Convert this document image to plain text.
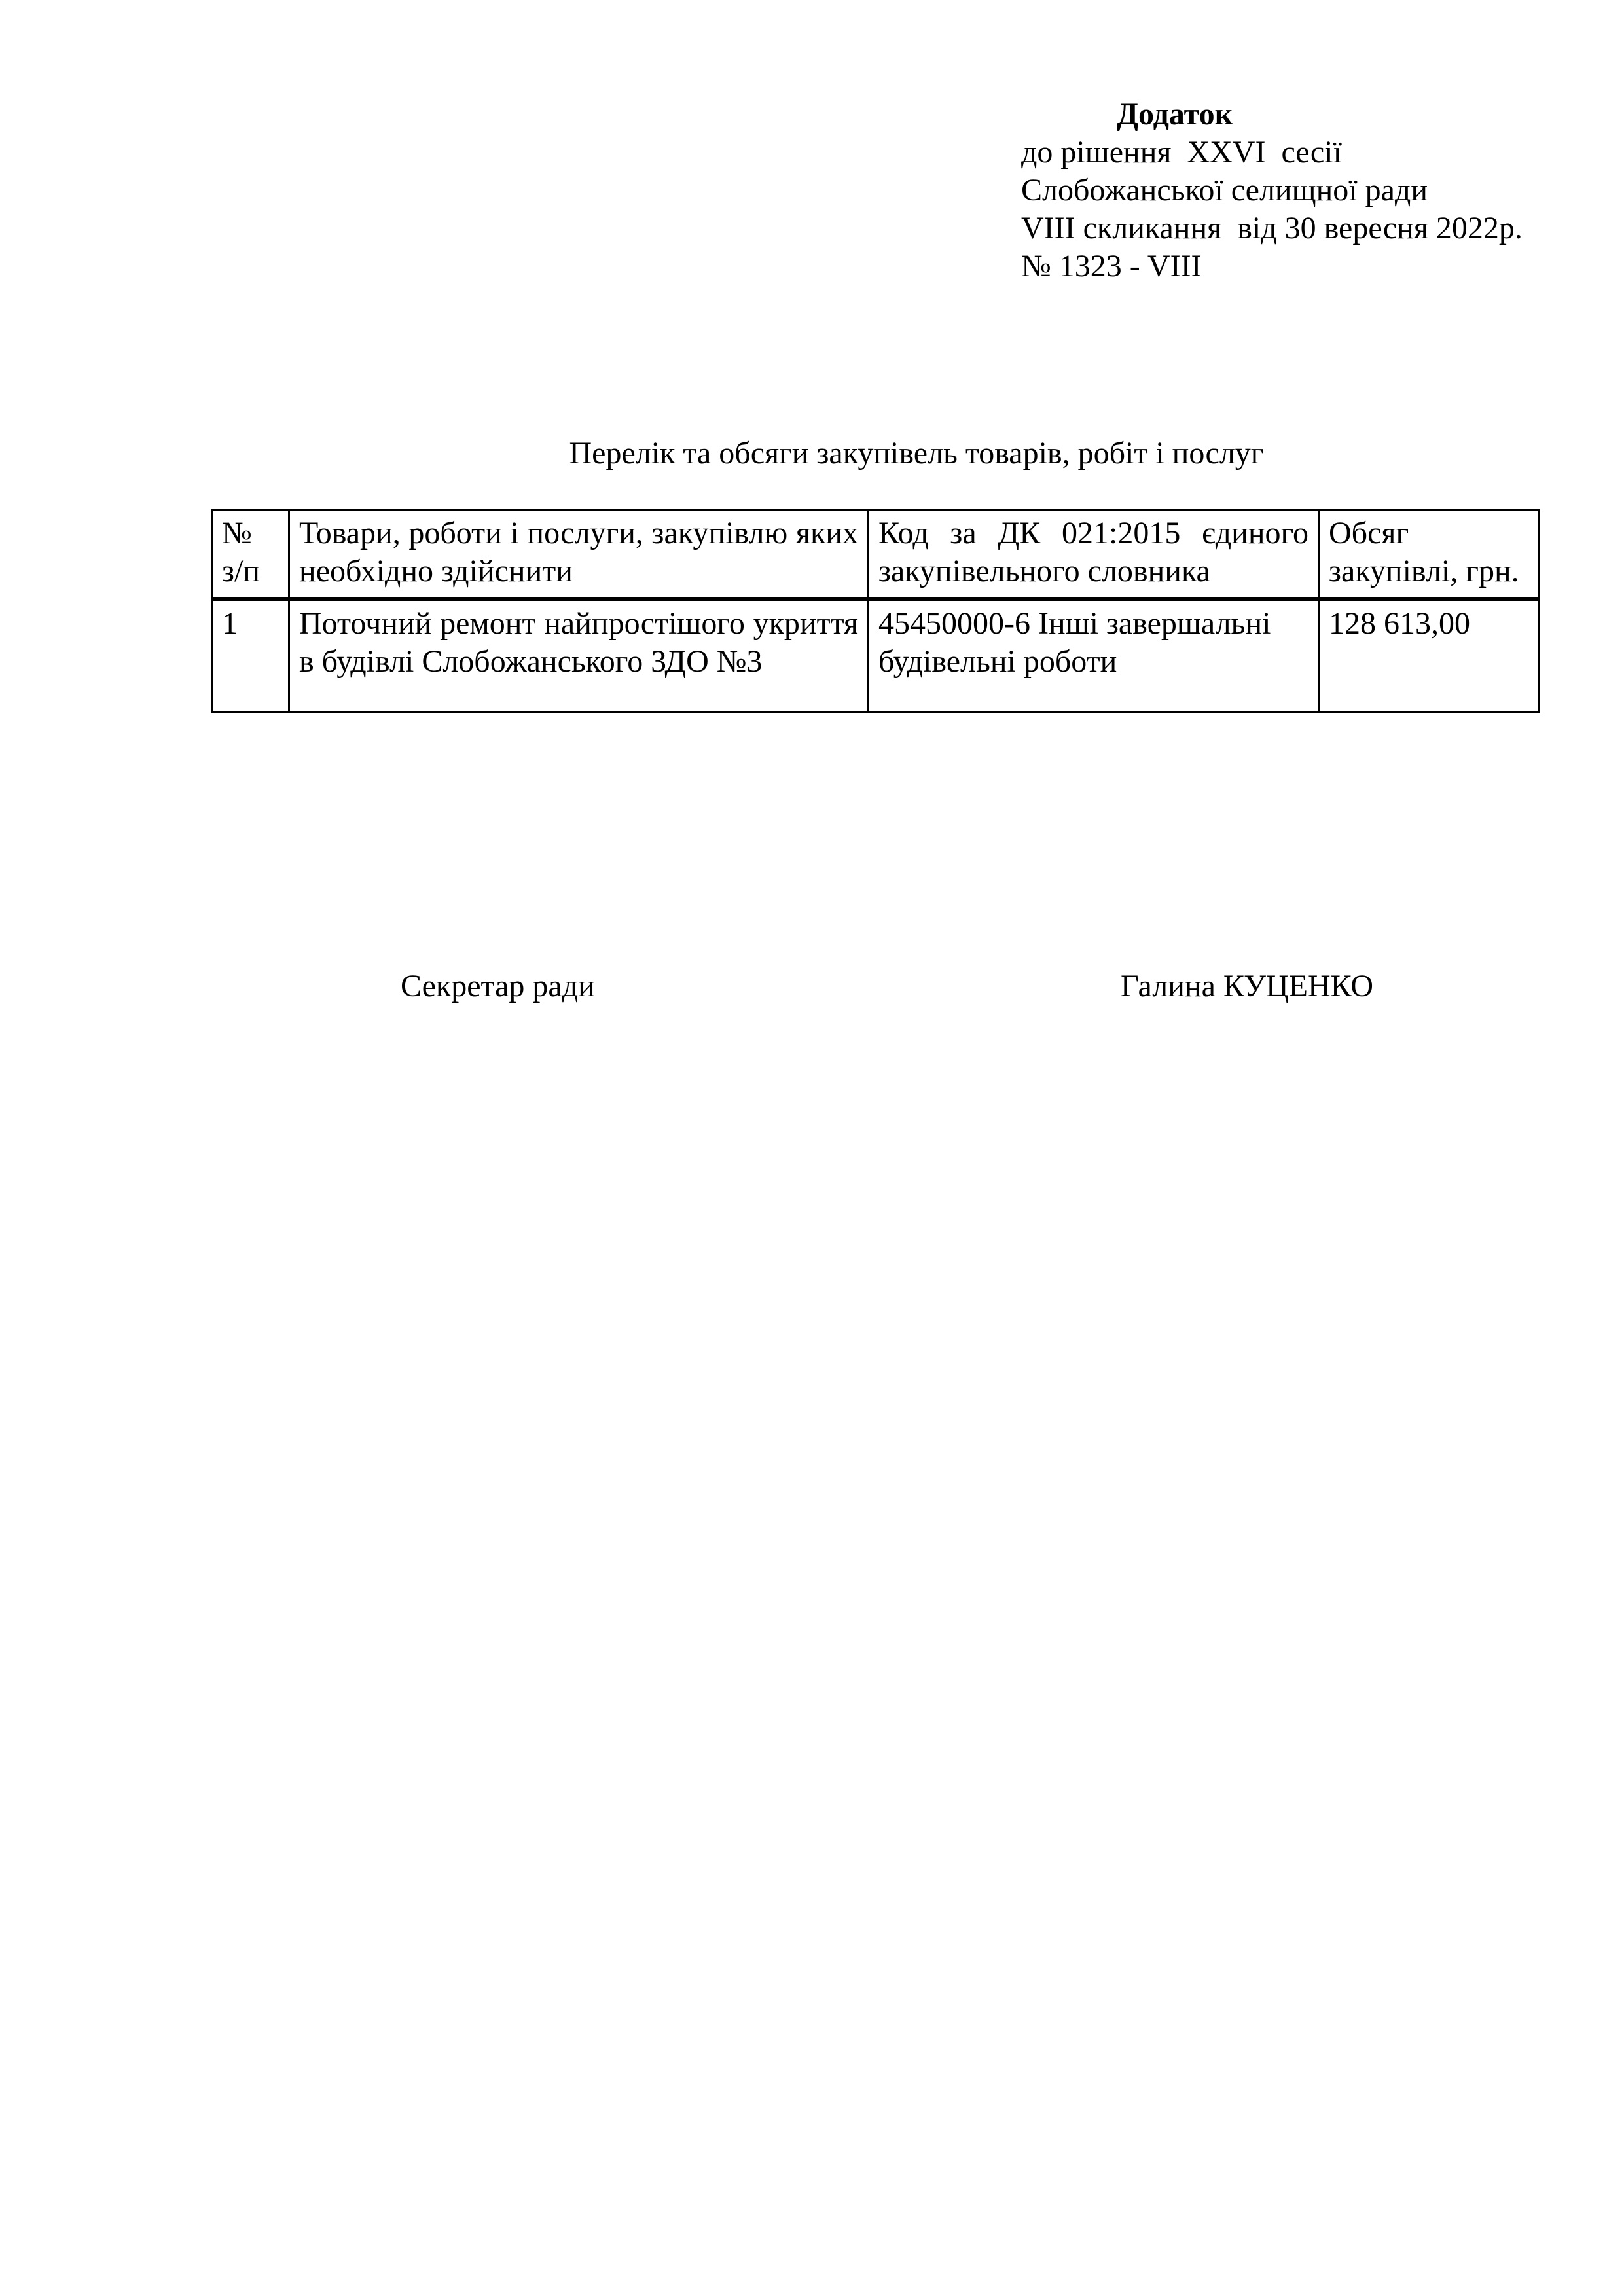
Додаток
до рішення  XXVI  сесії
Слобожанської селищної ради
VIII скликання  від 30 вересня 2022р.
№ 1323 - VIII
Перелік та обсяги закупівель товарів, робіт і послуг
№ з/п	Товари, роботи і послуги, закупівлю яких необхідно здійснити	Код за ДК 021:2015 єдиного закупівельного словника	Обсяг закупівлі, грн.
1	Поточний ремонт найпростішого укриття в будівлі Слобожанського ЗДО №3	45450000-6 Інші завершальні будівельні роботи	128 613,00
Секретар ради	Галина КУЦЕНКО
